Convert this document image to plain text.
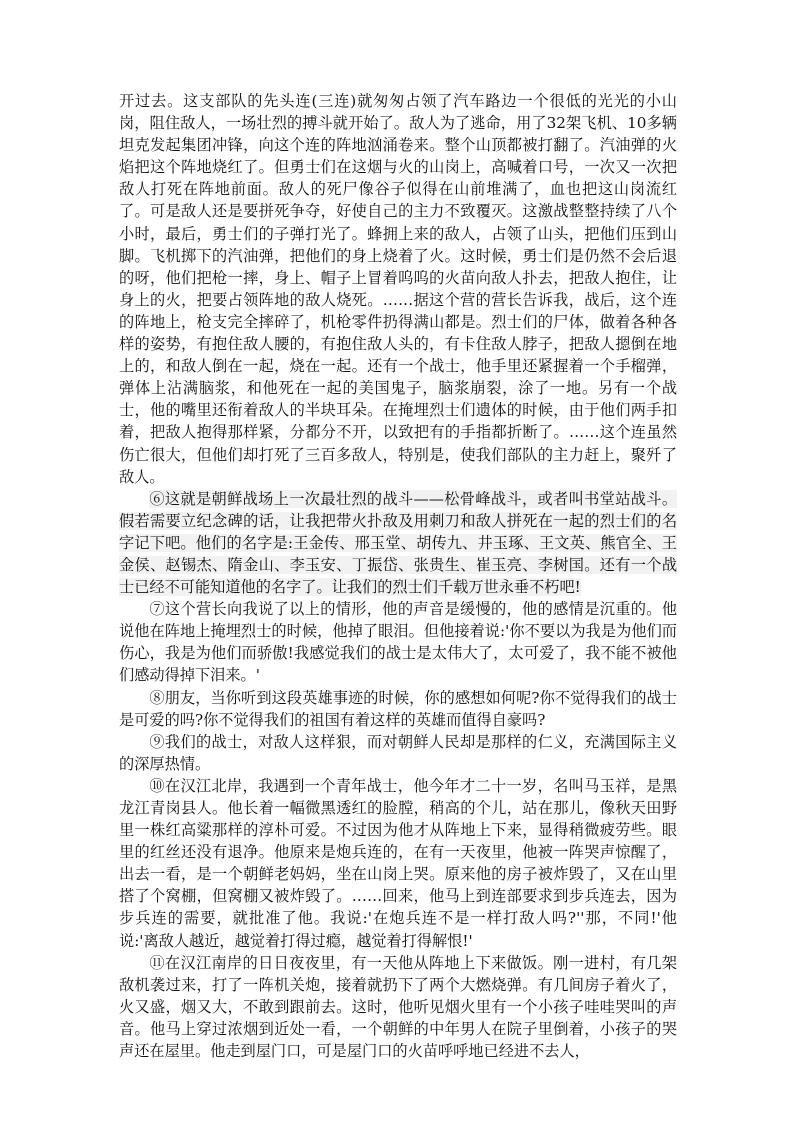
开过去。这支部队的先头连(三连)就匆匆占领了汽车路边一个很低的光光的小山岗，阻住敌人，一场壮烈的搏斗就开始了。敌人为了逃命，用了32架飞机、10多辆坦克发起集团冲锋，向这个连的阵地汹涌卷来。整个山顶都被打翻了。汽油弹的火焰把这个阵地烧红了。但勇士们在这烟与火的山岗上，高喊着口号，一次又一次把敌人打死在阵地前面。敌人的死尸像谷子似得在山前堆满了，血也把这山岗流红了。可是敌人还是要拼死争夺，好使自己的主力不致覆灭。这激战整整持续了八个小时，最后，勇士们的子弹打光了。蜂拥上来的敌人，占领了山头，把他们压到山脚。飞机掷下的汽油弹，把他们的身上烧着了火。这时候，勇士们是仍然不会后退的呀，他们把枪一摔，身上、帽子上冒着呜呜的火苗向敌人扑去，把敌人抱住，让身上的火，把要占领阵地的敌人烧死。……据这个营的营长告诉我，战后，这个连的阵地上，枪支完全摔碎了，机枪零件扔得满山都是。烈士们的尸体，做着各种各样的姿势，有抱住敌人腰的，有抱住敌人头的，有卡住敌人脖子，把敌人摁倒在地上的，和敌人倒在一起，烧在一起。还有一个战士，他手里还紧握着一个手榴弹，弹体上沾满脑浆，和他死在一起的美国鬼子，脑浆崩裂，涂了一地。另有一个战士，他的嘴里还衔着敌人的半块耳朵。在掩埋烈士们遗体的时候，由于他们两手扣着，把敌人抱得那样紧，分都分不开，以致把有的手指都折断了。……这个连虽然伤亡很大，但他们却打死了三百多敌人，特别是，使我们部队的主力赶上，聚歼了敌人。

⑥这就是朝鲜战场上一次最壮烈的战斗——松骨峰战斗，或者叫书堂站战斗。假若需要立纪念碑的话，让我把带火扑敌及用刺刀和敌人拼死在一起的烈士们的名字记下吧。他们的名字是:王金传、邢玉堂、胡传九、井玉琢、王文英、熊官全、王金侯、赵锡杰、隋金山、李玉安、丁振岱、张贵生、崔玉亮、李树国。还有一个战士已经不可能知道他的名字了。让我们的烈士们千载万世永垂不朽吧!

⑦这个营长向我说了以上的情形，他的声音是缓慢的，他的感情是沉重的。他说他在阵地上掩埋烈士的时候，他掉了眼泪。但他接着说:'你不要以为我是为他们而伤心，我是为他们而骄傲!我感觉我们的战士是太伟大了，太可爱了，我不能不被他们感动得掉下泪来。'

⑧朋友，当你听到这段英雄事迹的时候，你的感想如何呢?你不觉得我们的战士是可爱的吗?你不觉得我们的祖国有着这样的英雄而值得自豪吗?

⑨我们的战士，对敌人这样狠，而对朝鲜人民却是那样的仁义，充满国际主义的深厚热情。

⑩在汉江北岸，我遇到一个青年战士，他今年才二十一岁，名叫马玉祥，是黑龙江青岗县人。他长着一幅微黑透红的脸膛，稍高的个儿，站在那儿，像秋天田野里一株红高粱那样的淳朴可爱。不过因为他才从阵地上下来，显得稍微疲劳些。眼里的红丝还没有退净。他原来是炮兵连的，在有一天夜里，他被一阵哭声惊醒了，出去一看，是一个朝鲜老妈妈，坐在山岗上哭。原来他的房子被炸毁了，又在山里搭了个窝棚，但窝棚又被炸毁了。……回来，他马上到连部要求到步兵连去，因为步兵连的需要，就批准了他。我说:'在炮兵连不是一样打敌人吗?''那，不同!'他说:'离敌人越近，越觉着打得过瘾，越觉着打得解恨!'

⑪在汉江南岸的日日夜夜里，有一天他从阵地上下来做饭。刚一进村，有几架敌机袭过来，打了一阵机关炮，接着就扔下了两个大燃烧弹。有几间房子着火了，火又盛，烟又大，不敢到跟前去。这时，他听见烟火里有一个小孩子哇哇哭叫的声音。他马上穿过浓烟到近处一看，一个朝鲜的中年男人在院子里倒着，小孩子的哭声还在屋里。他走到屋门口，可是屋门口的火苗呼呼地已经进不去人，
